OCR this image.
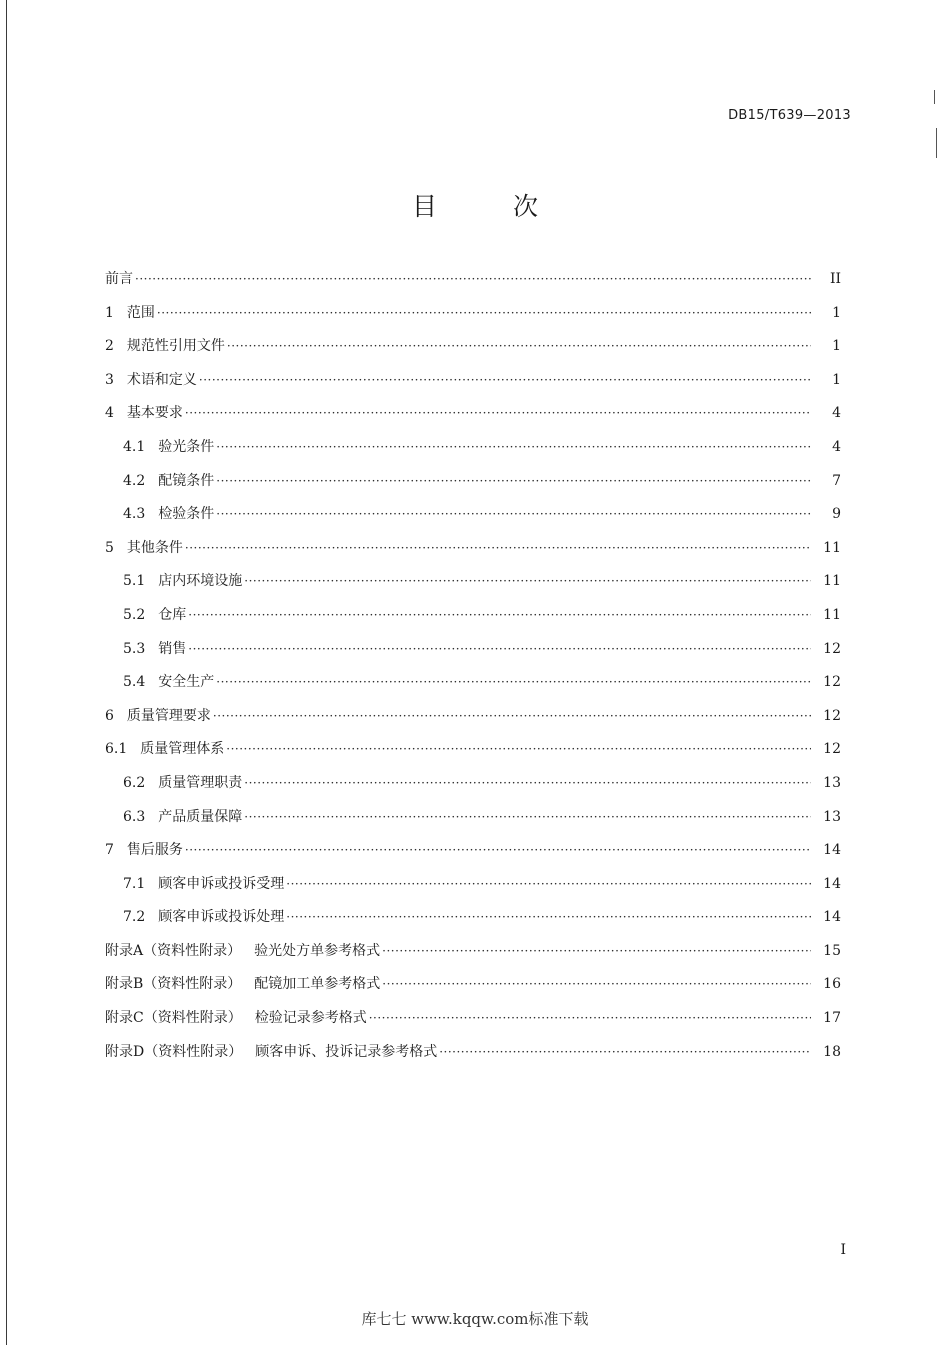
DB15/T639—2013
目 次
前言 ·····	II
1 范围 ·····	1
2 规范性引用文件 ·····	1
3 术语和定义 ·····	1
4 基本要求 ·····	4
4.1 验光条件 ·····	4
4.2 配镜条件 ·····	7
4.3 检验条件 ·····	9
5 其他条件 ·····	11
5.1 店内环境设施 ·····	11
5.2 仓库 ·····	11
5.3 销售 ·····	12
5.4 安全生产 ·····	12
6 质量管理要求 ·····	12
6.1 质量管理体系 ·····	12
6.2 质量管理职责 ·····	13
6.3 产品质量保障 ·····	13
7 售后服务 ·····	14
7.1 顾客申诉或投诉受理 ·····	14
7.2 顾客申诉或投诉处理 ·····	14
附录A（资料性附录） 验光处方单参考格式 ·····	15
附录B（资料性附录） 配镜加工单参考格式 ·····	16
附录C（资料性附录） 检验记录参考格式 ·····	17
附录D（资料性附录） 顾客申诉、投诉记录参考格式 ·····	18
I
库七七 www.kqqw.com标准下载
